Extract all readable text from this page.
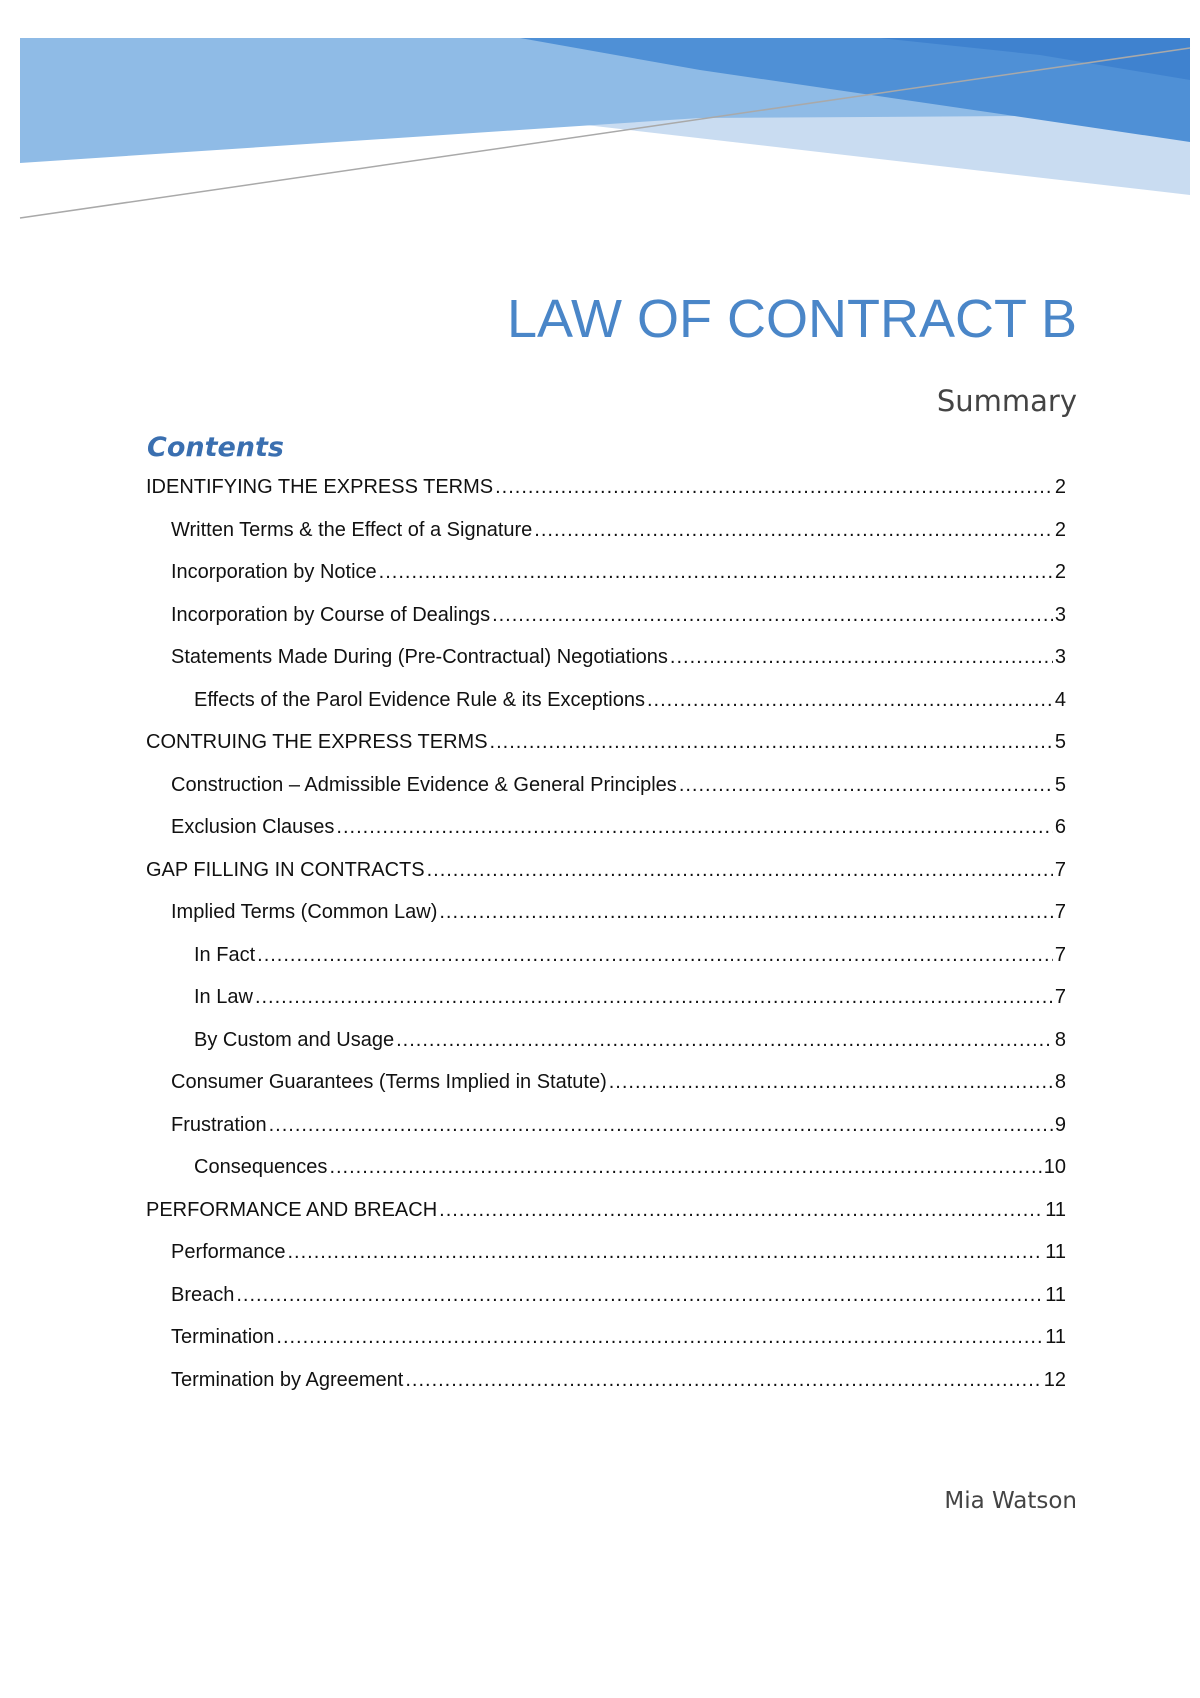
LAW OF CONTRACT B
Summary
Contents
IDENTIFYING THE EXPRESS TERMS .....	2
Written Terms & the Effect of a Signature .....	2
Incorporation by Notice .....	2
Incorporation by Course of Dealings .....	3
Statements Made During (Pre-Contractual) Negotiations .....	3
Effects of the Parol Evidence Rule & its Exceptions .....	4
CONTRUING THE EXPRESS TERMS .....	5
Construction – Admissible Evidence & General Principles .....	5
Exclusion Clauses .....	6
GAP FILLING IN CONTRACTS .....	7
Implied Terms (Common Law) .....	7
In Fact .....	7
In Law .....	7
By Custom and Usage .....	8
Consumer Guarantees (Terms Implied in Statute) .....	8
Frustration .....	9
Consequences .....	10
PERFORMANCE AND BREACH .....	11
Performance .....	11
Breach .....	11
Termination .....	11
Termination by Agreement .....	12
Mia Watson
